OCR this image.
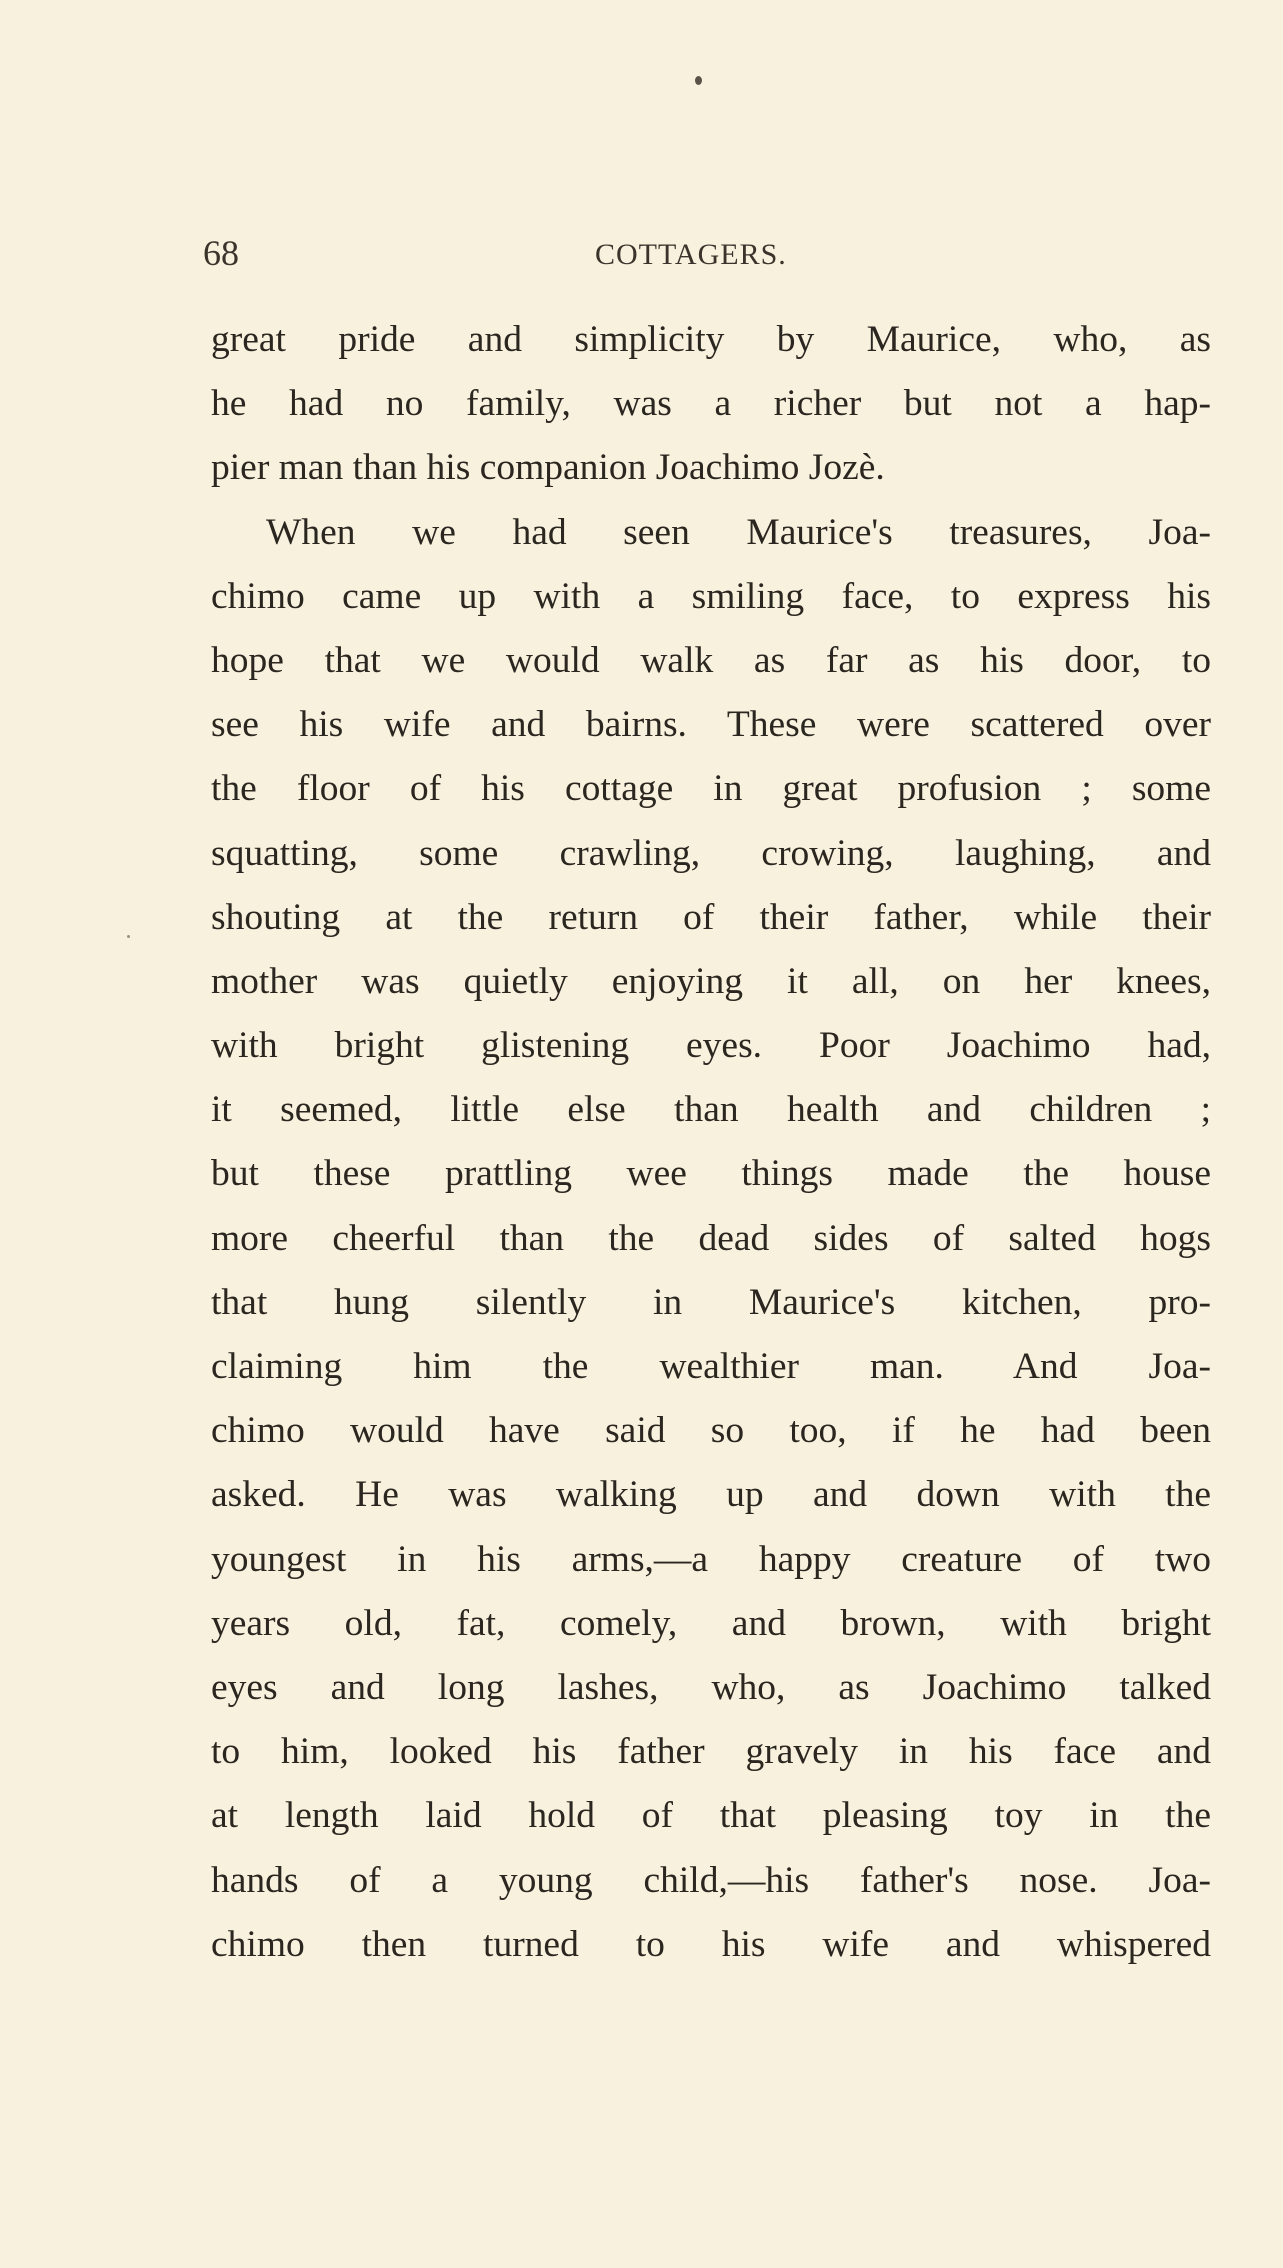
68	COTTAGERS.
great pride and simplicity by Maurice, who, as
he had no family, was a richer but not a hap-
pier man than his companion Joachimo Jozè.
When we had seen Maurice's treasures, Joa-
chimo came up with a smiling face, to express his
hope that we would walk as far as his door, to
see his wife and bairns. These were scattered over
the floor of his cottage in great profusion ; some
squatting, some crawling, crowing, laughing, and
shouting at the return of their father, while their
mother was quietly enjoying it all, on her knees,
with bright glistening eyes. Poor Joachimo had,
it seemed, little else than health and children ;
but these prattling wee things made the house
more cheerful than the dead sides of salted hogs
that hung silently in Maurice's kitchen, pro-
claiming him the wealthier man. And Joa-
chimo would have said so too, if he had been
asked. He was walking up and down with the
youngest in his arms,—a happy creature of two
years old, fat, comely, and brown, with bright
eyes and long lashes, who, as Joachimo talked
to him, looked his father gravely in his face and
at length laid hold of that pleasing toy in the
hands of a young child,—his father's nose. Joa-
chimo then turned to his wife and whispered
